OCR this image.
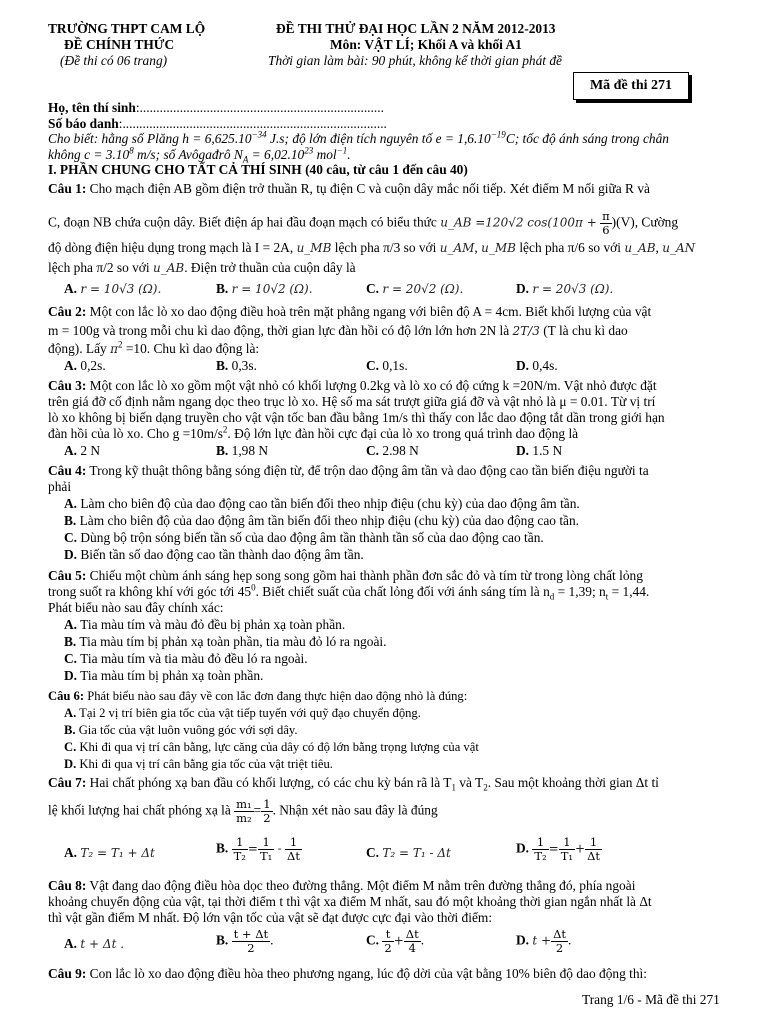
TRƯỜNG THPT CAM LỘ
ĐỀ CHÍNH THỨC
(Đề thi có 06 trang)
ĐỀ THI THỬ ĐẠI HỌC LẦN 2 NĂM 2012-2013
Môn: VẬT LÍ; Khối A và khối A1
Thời gian làm bài: 90 phút, không kể thời gian phát đề
Mã đề thi 271
Họ, tên thí sinh:.........................................................................
Số báo danh:...............................................................................
Cho biết: hằng số Plăng $h = 6,625.10^{-34}$ J.s; độ lớn điện tích nguyên tố $e = 1,6.10^{-19}C$; tốc độ ánh sáng trong chân
không $c = 3.10^8$ m/s; số Avôgađrô $N_A = 6,02.10^{23}$ mol$^{-1}$.
I. PHẦN CHUNG CHO TẤT CẢ THÍ SINH (40 câu, từ câu 1 đến câu 40)
Câu 1: Cho mạch điện AB gồm điện trở thuần R, tụ điện C và cuộn dây mắc nối tiếp. Xét điểm M nối giữa R và
C, đoạn NB chứa cuộn dây. Biết điện áp hai đầu đoạn mạch có biểu thức u_AB =120√2 $\cos(100\pi + \frac{\pi}{6} )(V)$, Cường
độ dòng điện hiệu dụng trong mạch là I = 2A, u_MB lệch pha π/3 so với u_AM, u_MB lệch pha π/6 so với u_AB, u_AN
lệch pha π/2 so với u_AB. Điện trở thuần của cuộn dây là
A. r = 10√3 (Ω).	B. r = 10√2 (Ω).	C. r = 20√2 (Ω).	D. r = 20√3 (Ω).
Câu 2: Một con lắc lò xo dao động điều hoà trên mặt phẳng ngang với biên độ A = 4cm. Biết khối lượng của vật
m = 100g và trong mỗi chu kì dao động, thời gian lực đàn hồi có độ lớn lớn hơn 2N là 2T/3 (T là chu kì dao
động). Lấy $\pi^2 =10$. Chu kì dao động là:
A. 0,2s.	B. 0,3s.	C. 0,1s.	D. 0,4s.
Câu 3: Một con lắc lò xo gồm một vật nhỏ có khối lượng 0.2kg và lò xo có độ cứng k =20N/m. Vật nhỏ được đặt
trên giá đỡ cố định nằm ngang dọc theo trục lò xo. Hệ số ma sát trượt giữa giá đỡ và vật nhỏ là μ = 0.01. Từ vị trí
lò xo không bị biến dạng truyền cho vật vận tốc ban đầu bằng 1m/s thì thấy con lắc dao động tắt dần trong giới hạn
đàn hồi của lò xo. Cho $g =10m/s^2$. Độ lớn lực đàn hồi cực đại của lò xo trong quá trình dao động là
A. 2 N	B. 1,98 N	C. 2.98 N	D. 1.5 N
Câu 4: Trong kỹ thuật thông bằng sóng điện từ, để trộn dao động âm tần và dao động cao tần biến điệu người ta
phải
A. Làm cho biên độ của dao động cao tần biến đổi theo nhịp điệu (chu kỳ) của dao động âm tần.
B. Làm cho biên độ của dao động âm tần biến đổi theo nhịp điệu (chu kỳ) của dao động cao tần.
C. Dùng bộ trộn sóng biến tần số của dao động âm tần thành tần số của dao động cao tần.
D. Biến tần số dao động cao tần thành dao động âm tần.
Câu 5: Chiếu một chùm ánh sáng hẹp song song gồm hai thành phần đơn sắc đỏ và tím từ trong lòng chất lỏng
trong suốt ra không khí với góc tới $45^0$. Biết chiết suất của chất lỏng đối với ánh sáng tím là $n_d = 1,39$; $n_t = 1,44$.
Phát biểu nào sau đây chính xác:
A. Tia màu tím và màu đỏ đều bị phản xạ toàn phần.
B. Tia màu tím bị phản xạ toàn phần, tia màu đỏ ló ra ngoài.
C. Tia màu tím và tia màu đỏ đều ló ra ngoài.
D. Tia màu tím bị phản xạ toàn phần.
Câu 6: Phát biểu nào sau đây về con lắc đơn đang thực hiện dao động nhỏ là đúng:
A. Tại 2 vị trí biên gia tốc của vật tiếp tuyến với quỹ đạo chuyển động.
B. Gia tốc của vật luôn vuông góc với sợi dây.
C. Khi đi qua vị trí cân bằng, lực căng của dây có độ lớn bằng trọng lượng của vật
D. Khi đi qua vị trí cân bằng gia tốc của vật triệt tiêu.
Câu 7: Hai chất phóng xạ ban đầu có khối lượng, có các chu kỳ bán rã là $T_1$ và $T_2$. Sau một khoảng thời gian Δt tỉ
lệ khối lượng hai chất phóng xạ là $\frac{\text{m₁}}{\text{m₂}} = \frac{1}{2}$ . Nhận xét nào sau đây là đúng
A. T₂ = T₁ + Δt	B. $\frac{1}{\text{T₂}} = \frac{1}{\text{T₁}} - \frac{1}{\Delta t}$	C. T₂ = T₁ - Δt	D. $\frac{1}{\text{T₂}} = \frac{1}{\text{T₁}} + \frac{1}{\Delta t}$
Câu 8: Vật đang dao động điều hòa dọc theo đường thẳng. Một điểm M nằm trên đường thẳng đó, phía ngoài
khoảng chuyển động của vật, tại thời điểm t thì vật xa điểm M nhất, sau đó một khoảng thời gian ngắn nhất là Δt
thì vật gần điểm M nhất. Độ lớn vận tốc của vật sẽ đạt được cực đại vào thời điểm:
A. t + Δt .	B. $\frac{t + \Delta t}{2}$ .	C. $\frac{t}{2} + \frac{\Delta t}{4}$ .	D. $t + \frac{\Delta t}{2}$ .
Câu 9: Con lắc lò xo dao động điều hòa theo phương ngang, lúc độ dời của vật bằng 10% biên độ dao động thì:
Trang 1/6 - Mã đề thi 271
